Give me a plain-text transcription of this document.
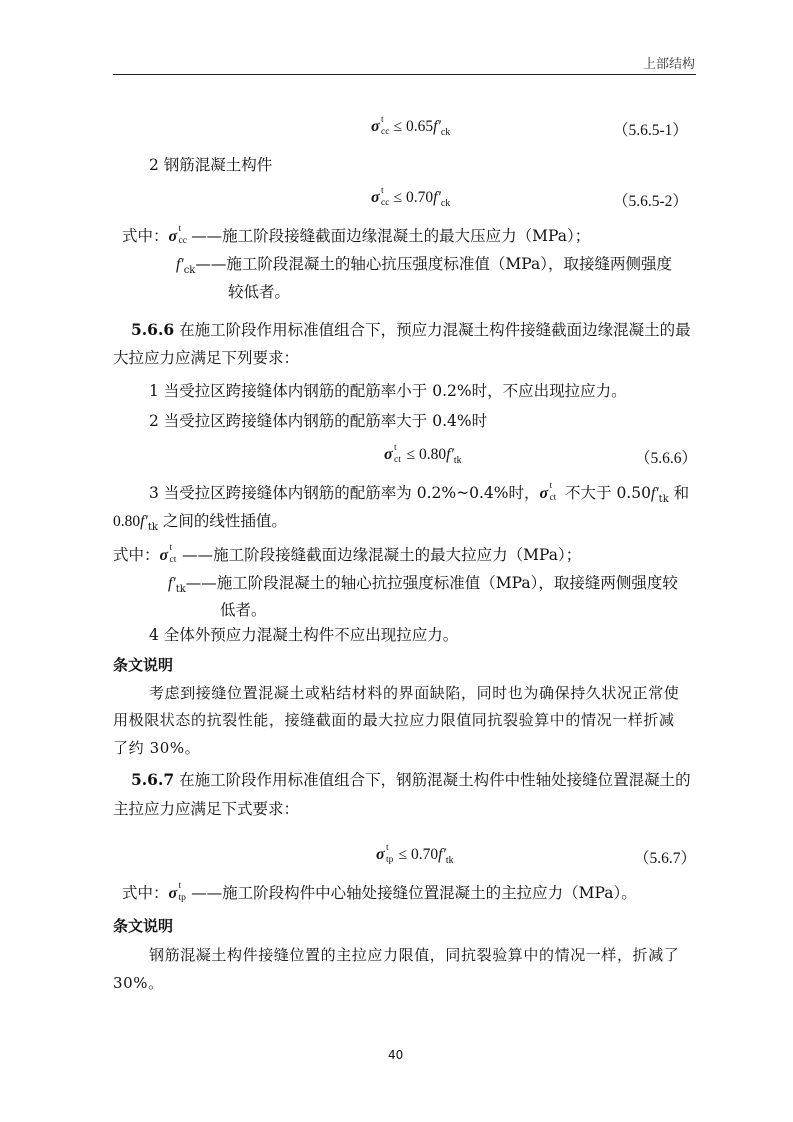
上部结构
σ t
cc ≤ $0.65f'_{ck}$	（5.6.5-1）
2 钢筋混凝土构件
σ t
cc ≤ $0.70f'_{ck}$	（5.6.5-2）
式中：σ t
cc ——施工阶段接缝截面边缘混凝土的最大压应力（MPa）；
$f'_{ck}——$施工阶段混凝土的轴心抗压强度标准值（MPa），取接缝两侧强度
较低者。
5.6.6 在施工阶段作用标准值组合下，预应力混凝土构件接缝截面边缘混凝土的最
大拉应力应满足下列要求：
1 当受拉区跨接缝体内钢筋的配筋率小于 0.2%时，不应出现拉应力。
2 当受拉区跨接缝体内钢筋的配筋率大于 0.4%时
σ t
ct ≤ $0.80f'_{tk}$	（5.6.6）
3 当受拉区跨接缝体内钢筋的配筋率为 0.2%~0.4%时，σ t
ct 不大于 $0.50f'_{tk}$ 和
$0.80f'_{tk}$ 之间的线性插值。
式中：σ t
ct ——施工阶段接缝截面边缘混凝土的最大拉应力（MPa）；
$f'_{tk}——$施工阶段混凝土的轴心抗拉强度标准值（MPa），取接缝两侧强度较
低者。
4 全体外预应力混凝土构件不应出现拉应力。
条文说明
考虑到接缝位置混凝土或粘结材料的界面缺陷，同时也为确保持久状况正常使
用极限状态的抗裂性能，接缝截面的最大拉应力限值同抗裂验算中的情况一样折减
了约 30%。
5.6.7 在施工阶段作用标准值组合下，钢筋混凝土构件中性轴处接缝位置混凝土的
主拉应力应满足下式要求：
σ t
tp ≤ $0.70f'_{tk}$	（5.6.7）
式中：σ t
tp ——施工阶段构件中心轴处接缝位置混凝土的主拉应力（MPa）。
条文说明
钢筋混凝土构件接缝位置的主拉应力限值，同抗裂验算中的情况一样，折减了
30%。
40
